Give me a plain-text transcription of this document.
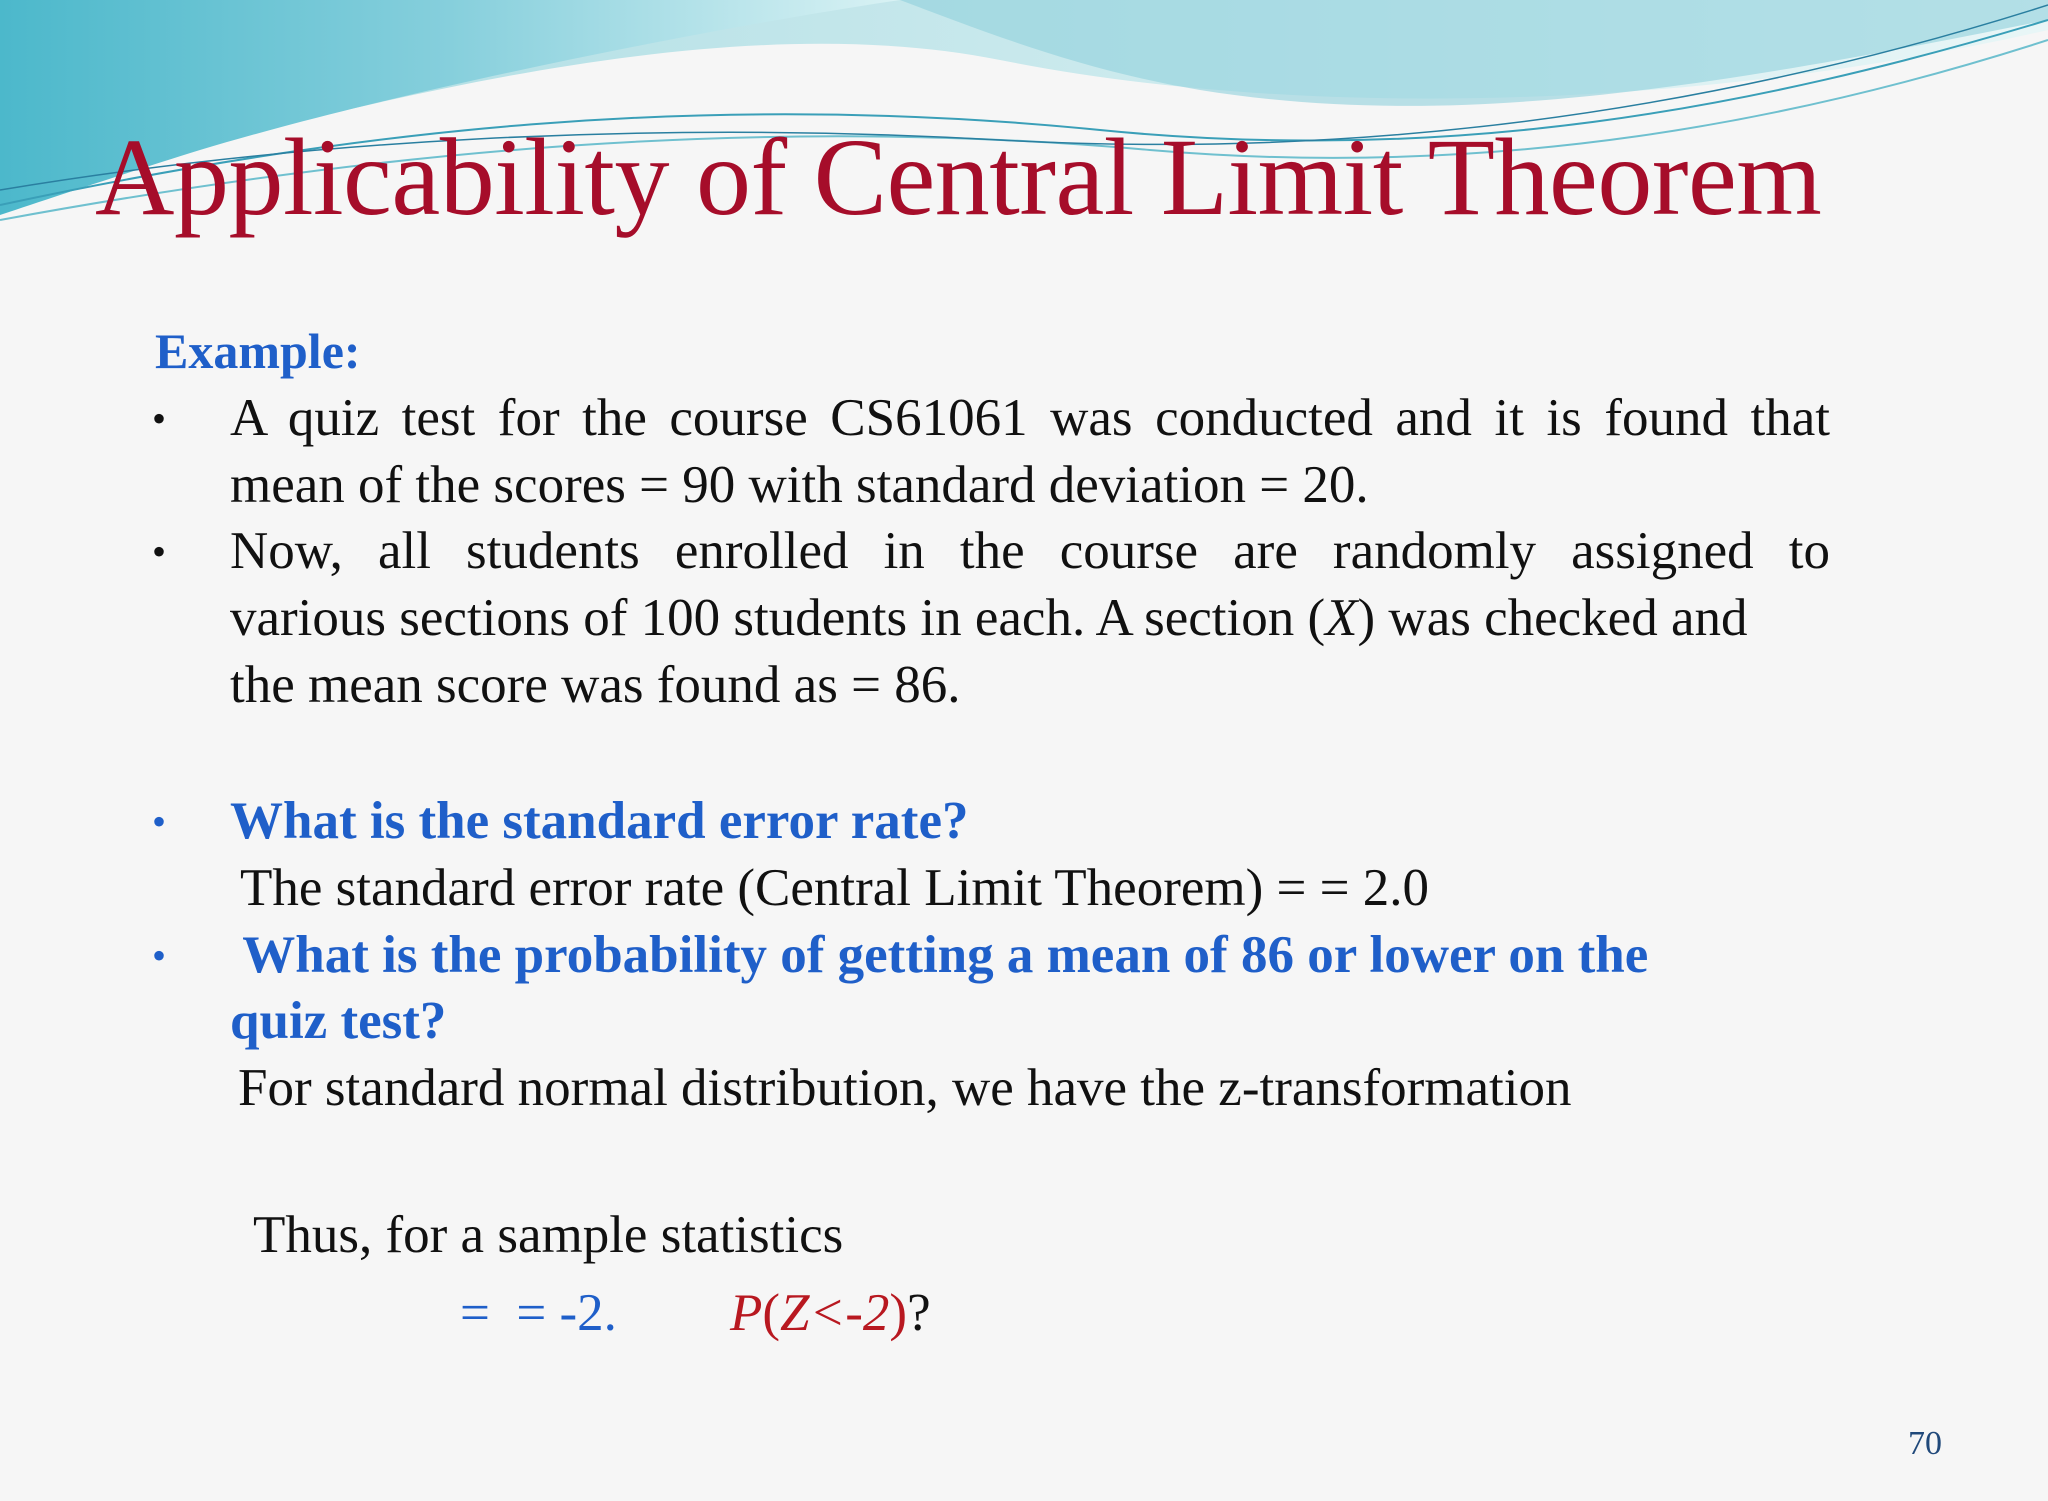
Applicability of Central Limit Theorem
Example:
• A quiz test for the course CS61061 was conducted and it is found that
mean of the scores = 90 with standard deviation = 20.
• Now, all students enrolled in the course are randomly assigned to
various sections of 100 students in each. A section (X) was checked and
the mean score was found as = 86.
• What is the standard error rate?
The standard error rate (Central Limit Theorem) = = 2.0
• What is the probability of getting a mean of 86 or lower on the
quiz test?
For standard normal distribution, we have the z-transformation
Thus, for a sample statistics
=  = -2. P(Z<-2)?
70
